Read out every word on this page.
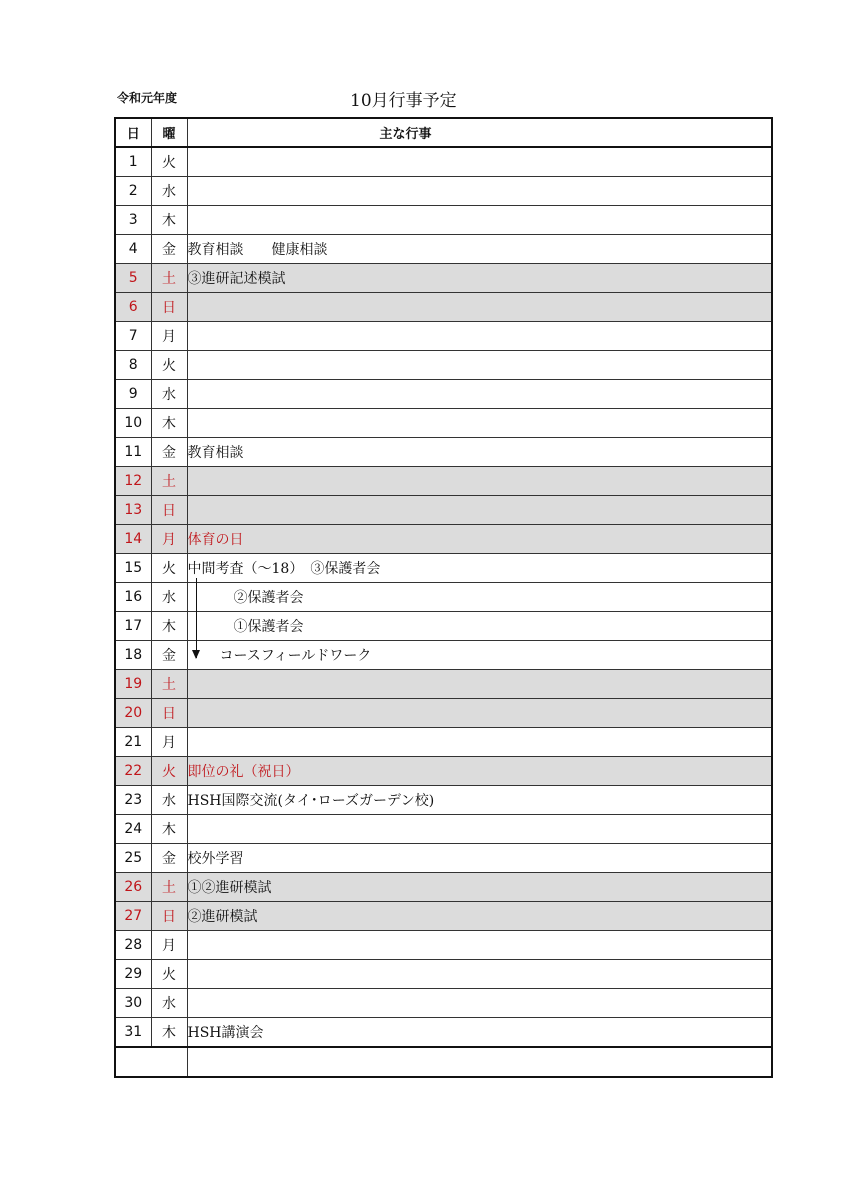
令和元年度	10月行事予定
日	曜	主な行事
1	火	
2	水	
3	木	
4	金	教育相談　　健康相談
5	土	③進研記述模試
6	日	
7	月	
8	火	
9	水	
10	木	
11	金	教育相談
12	土	
13	日	
14	月	体育の日
15	火	中間考査（～18）　③保護者会
16	水	②保護者会
17	木	①保護者会
18	金	コースフィールドワーク
19	土	
20	日	
21	月	
22	火	即位の礼（祝日）
23	水	HSH国際交流(タイ･ローズガーデン校)
24	木	
25	金	校外学習
26	土	①②進研模試
27	日	②進研模試
28	月	
29	火	
30	水	
31	木	HSH講演会
